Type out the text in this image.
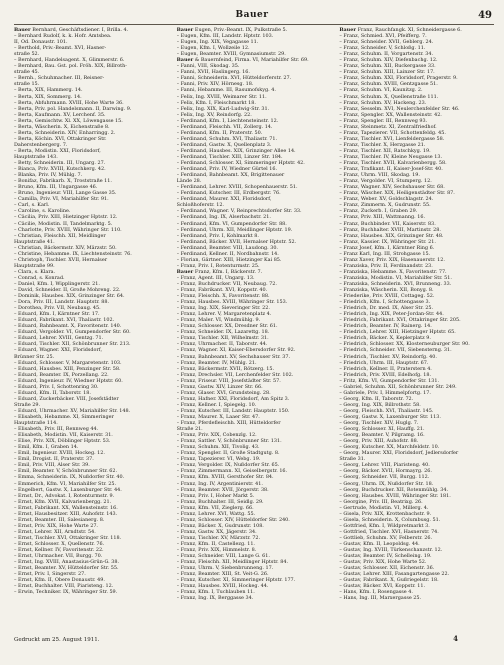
Bauer	49
Bauer Bernhard, Geschäftsdiener. I, Brilla. 4.
– Bernhard Rudolf, k. k. Hofr. Amtsbea.
II, Od. Donaustr. 101.
– Berthold, Priv.-Beamt. XVI, Hasner-
straße 52.
– Bernhard, Handelsagent. X, Glimmerstr. 6.
– Bernhard, Bau. Gst. pol. Fröh. XIX, Billroth-
straße 45.
– Bernh., Schuhmacher. III, Reisner-
straße 15.
– Berta, XIX, Hammerg. 14.
– Berta, XIX, Sommerg. 14.
– Berta, Abfuhrmann. XVIII, Hohe Warte 36.
– Berta, Priv. pol. Handelsmann. II, Darwing. 9.
– Berta, Kaufmann. XV, Lerchenf. 35.
– Berta, Gemischtw. Xl. XX, Löwengasse 15.
– Berta, Wäscherin. X, Eichenstraße 8.
– Berta, Schneiderin. XIV, Enharringg. 2.
– Berta, Köchin. XVI, Ottakringer Str.
Daherstenbergerg. 7.
– Berta, Modistin. XXI, Floridsdorf,
Hauptstraße 143.
– Betty, Schneiderin. III, Ungarg. 27.
– Bianca, Priv. XVIII, Kutschkerg. 42.
– Blanka, Priv. IV, Mühlg. 7.
– Bonifaz, Fabrikarb. X, Troststraße 11.
– Bruno, Kfm. III, Ungargasse 46.
– Bruno, Ingenieur. VIII, Lange Gasse 35.
– Camilla, Priv. VI, Mariahilfer Str. 91.
– Carl, s. Karl.
– Caroline, s. Karoline.
– Cäcilia, Priv. XIII, Hietzinger Hptstr. 12.
– Cäcilie, Modistin. II, Tandelmarktg. 5.
– Charlotte, Priv. XVIII, Währinger Str. 110.
– Christian, Fleischh. XII, Meidlinger
Hauptstraße 41.
– Christian, Bäckermstr. XIV, Märzstr. 50.
– Christine, Hebamme. IX, Liechtensteinstr. 76.
– Christoph, Tischler. XVII, Hernalser
Hauptstraße 99.
– Clara, s. Klara.
– Conrad, s. Konrad.
– Daniel, Kfm. I, Wipplingerstr. 21.
– David, Schneider. II, Große Mohreng. 22.
– Dominik, Hausbes. XIX, Grinzinger Str. 64.
– Dora, Priv. III, Landstr. Hauptstr. 88.
– Dorothea, Priv. VII, Neubaug. 45.
– Eduard, Kfm. I, Kärntner Str. 17.
– Eduard, Fabrikant. XVI, Thaliastr. 102.
– Eduard, Bahnbeamt. X, Favoritenstr. 140.
– Eduard, Vergolder. VI, Gumpendorfer Str. 60.
– Eduard, Lehrer. XVIII, Gentzg. 71.
– Eduard, Tischler. XII, Schönbrunner Str. 213.
– Eduard, Wagner. XXI, Floridsdorf,
Brünner Str. 25.
– Eduard, Schlosser. V, Margaretenstr. 103.
– Eduard, Hausbes. XIII, Penzinger Str. 58.
– Eduard, Beamter. IX, Porzellang. 22.
– Eduard, Ingenieur. IV, Wiedner Hptstr. 60.
– Eduard, Priv. I, Schottenring 30.
– Eduard, Kfm. II, Taborstr. 18.
– Eduard, Zuckerbäcker. VIII, Josefstädter
Straße 29.
– Eduard, Uhrmacher. XV, Mariahilfer Str. 148.
– Elisabeth, Hebamme. XI, Simmeringer
Hauptstraße 114.
– Elisabeth, Priv. III, Rennweg 44.
– Elisabeth, Modistin. VII, Kaiserstr. 31.
– Elise, Priv. XIX, Döblinger Hptstr. 53.
– Emil, Kfm. I, Graben 14.
– Emil, Ingenieur. XVIII, Hockeg. 12.
– Emil, Drogist. II, Praterstr. 37.
– Emil, Priv. VIII, Alser Str. 39.
– Emil, Beamter. V, Schönbrunner Str. 62.
– Emma, Schneiderin. IX, Nußdorfer Str. 40.
– Emmerich, Kfm. VI, Mariahilfer Str. 25.
– Engelbert, Gastw. X, Laxenburger Str. 44.
– Ernst, Dr., Advokat. I, Rotenturmstr. 9.
– Ernst, Kfm. XVII, Kalvarienbergg. 21.
– Ernst, Fabrikant. XX, Wallensteinstr. 16.
– Ernst, Hausbesitzer. XIII, Auhofstr. 143.
– Ernst, Beamter. III, Salesianerg. 8.
– Ernst, Priv. XIX, Hohe Warte 27.
– Ernst, Lehrer. XII, Arndtstr. 54.
– Ernst, Tischler. XVI, Ottakringer Str. 118.
– Ernst, Schlosser. X, Quellenstr. 76.
– Ernst, Kellner. IV, Favoritenstr. 22.
– Ernst, Uhrmacher. VII, Burgg. 70.
– Ernst, Ing. XVIII, Anastasius-Grün-G. 38.
– Ernst, Beamter. XV, Hütteldorfer Str. 55.
– Ernst, Priv. I, Singerstr. 27.
– Ernst, Kfm. II, Obere Donaustr. 49.
– Ernst, Buchhalter. VIII, Piaristeng. 12.
– Erwin, Techniker. IX, Währinger Str. 59.
Bauer Eugen, Priv.-Beamt. IX, Pulkstraße 5.
– Eugen, Kfm. III, Landstr. Hptstr. 103.
– Eugen, Ing. XIX, Vegagasse 11.
– Eugen, Kfm. I, Wollzeile 12.
– Eugen, Beamter. XVIII, Gymnasiumstr. 29.
Bauer & Bauernfeind, Firma. VI, Mariahilfer Str. 69.
– Fanni, VIII, Skodag. 35.
– Fanni, XVII, Haslingerg. 16.
– Fanni, Schneiderin. XVI, Hütteldorferstr. 27.
– Fanni, Priv. XIV, Hörnesg. 18.
– Fanni, Hebamme. III, Rasumofskyg. 4.
– Felix, Ing. XVIII, Weimarer Str. 11.
– Felix, Kfm. I, Fleischmarkt 18.
– Felix, Ing. XIX, Karl-Ludwig-Str. 31.
– Felix, Ing. XV, Reindorfg. 22.
– Ferdinand, Kfm. I, Liechtensteinstr. 12.
– Ferdinand, Fleischh. VII, Zollerg. 14.
– Ferdinand, Kfm. II, Praterstr. 50.
– Ferdinand, Schuhm. XVI, Thaliastr. 71.
– Ferdinand, Gastw. X, Quellenplatz 3.
– Ferdinand, Hausbes. XIX, Grinzinger Allee 14.
– Ferdinand, Tischler. XIII, Linzer Str. 184.
– Ferdinand, Schlosser. XI, Simmeringer Hptstr. 42.
– Ferdinand, Priv. IV, Wiedner Gürtel 16.
– Ferdinand, Bahnbeamt. XX, Brigittenauer
Lände 28.
– Ferdinand, Lehrer. XVIII, Schopenhauerstr. 51.
– Ferdinand, Kutscher. III, Erdbergstr. 76.
– Ferdinand, Maurer. XXI, Floridsdorf,
Schloßhoferstr. 12.
– Ferdinand, Wagner. V, Reinprechtsdorfer Str. 33.
– Ferdinand, Ing. IX, Alserbachstr. 21.
– Ferdinand, Kfm. VI, Gumpendorfer Str. 88.
– Ferdinand, Uhrm. XII, Meidlinger Hptstr. 19.
– Ferdinand, Priv. I, Kohlmarkt 8.
– Ferdinand, Bäcker. XVII, Hernalser Hptstr. 52.
– Ferdinand, Beamter. VIII, Laudong. 30.
– Ferdinand, Kellner. II, Nordbahnstr. 14.
– Florian, Gärtner. XIII, Hietzinger Kai 85.
– Franz, Priv. I, Rotenturmstr. 25.
Bauer Franz, Kfm. I, Bäckerstr. 7.
– Franz, Agent. III, Ungarg. 13.
– Franz, Buchdrucker. VII, Neubaug. 72.
– Franz, Fabrikant. XVI, Koppstr. 40.
– Franz, Fleischh. X, Favoritenstr. 88.
– Franz, Hausbes. XVIII, Währinger Str. 153.
– Franz, Ing. XIX, Sieveringer Str. 22.
– Franz, Lehrer. V, Margaretenplatz 4.
– Franz, Maler. VI, Windmühlg. 9.
– Franz, Schlosser. XX, Dresdner Str. 61.
– Franz, Schneider. IX, Lazarettg. 18.
– Franz, Tischler. XII, Wilhelmstr. 31.
– Franz, Uhrmacher. II, Taborstr. 44.
– Franz, Wagner. XI, Kaiser-Ebersdorfer Str. 92.
– Franz, Bahnbeamt. XV, Sechshauser Str. 37.
– Franz, Beamter. IV, Mühlg. 21.
– Franz, Bäckermstr. XVII, Rötzerg. 15.
– Franz, Drechsler. VII, Lerchenfelder Str. 102.
– Franz, Friseur. VIII, Josefstädter Str. 57.
– Franz, Gastw. XIV, Linzer Str. 66.
– Franz, Glaser. XVI, Grundsteing. 28.
– Franz, Hafner. XXI, Floridsdorf, Am Spitz 3.
– Franz, Kellner. I, Spiegelg. 10.
– Franz, Kutscher. III, Landstr. Hauptstr. 150.
– Franz, Maurer. X, Laaer Str. 47.
– Franz, Pferdefleischh. XIII, Hütteldorfer
Straße 21.
– Franz, Priv. XIX, Cobenzlg. 12.
– Franz, Sattler. V, Schönbrunner Str. 131.
– Franz, Schuhm. XII, Tivolig. 43.
– Franz, Spengler. II, Große Stadtgutg. 8.
– Franz, Tapezierer. VI, Webg. 19.
– Franz, Vergolder. IX, Nußdorfer Str. 65.
– Franz, Zimmermann. XI, Geiselbergstr. 16.
– Franz, Kfm. XVIII, Gersthofer Str. 84.
– Franz, Ing. IV, Argentinierstr. 41.
– Franz, Beamter. XVII, Jörgerstr. 38.
– Franz, Priv. I, Hoher Markt 5.
– Franz, Buchhalter. III, Seidlg. 29.
– Franz, Kfm. VII, Zieglerg. 66.
– Franz, Lehrer. XVI, Wattg. 55.
– Franz, Schlosser. XIV, Hütteldorfer Str. 240.
– Franz, Bäcker. X, Gudrunstr. 108.
– Franz, Gastw. XX, Jägerstr. 34.
– Franz, Tischler. XV, Märzstr. 72.
– Franz, Kfm. II, Castellezg. 11.
– Franz, Priv. XIX, Himmelstr. 8.
– Franz, Schneider. VIII, Lange G. 61.
– Franz, Fleischh. XII, Meidlinger Hptstr. 84.
– Franz, Uhrm. V, Siebenbrunneng. 17.
– Franz, Beamter. XIII, St. Veit-G. 26.
– Franz, Kutscher. XI, Simmeringer Hptstr. 177.
– Franz, Hausbes. XVIII, Hockeg. 44.
– Franz, Kfm. I, Tuchlauben 11.
– Franz, Ing. IX, Berggasse 34.
Bauer Franz, Rauchfangk. XI, Schneidergasse 6.
– Franz, Schmied. XVI, Pfeifferg. 7.
– Franz, Schneider. XVII, Geblerg. 24.
– Franz, Schneider. V, Schloßg. 11.
– Franz, Schuhm. II, Vorgartenstr. 34.
– Franz, Schuhm. XIV, Diefenbachg. 12.
– Franz, Schuhm. XII, Ruckergasse 33.
– Franz, Schuhm. XIII, Lainzer Str. 17.
– Franz, Schuhm. XXI, Floridsdorf, Pragerstr. 9.
– Franz, Schuhm. XVIII, Gentzgasse 51.
– Franz, Schuhm. VI, Kaunitzg. 2.
– Franz, Schuhm. X, Quellenstraße 111.
– Franz, Schuhm. XV, Hackeng. 23.
– Franz, Sesselm. XVI, Neulerchenfelder Str. 46.
– Franz, Spengler. XX, Wallensteinstr. 42.
– Franz, Spengler. III, Rennweg 93.
– Franz, Steinmetz. XI, Zentralfriedhof.
– Franz, Tapezierer. VII, Schottenfeldg. 45.
– Franz, Tischler. XVI, Lienfeldergasse 58.
– Franz, Tischler. X, Herzgasse 21.
– Franz, Tischler. XII, Ratschkyg. 19.
– Franz, Tischler. IV, Kleine Neugasse 13.
– Franz, Tischler. XVII, Kalvarienbergg. 58.
– Franz, Trafikant. II, Kaiser-Josef-Str. 40.
– Franz, Uhrm. VIII, Skodag. 19.
– Franz, Vergolder. VI, Stumperg. 12.
– Franz, Wagner. XIV, Sechshauser Str. 68.
– Franz, Wäscher. XIX, Heiligenstädter Str. 87.
– Franz, Weber. XV, Goldschlagstr. 24.
– Franz, Zimmerm. X, Gudrunstr. 55.
– Franz, Zuckerb. I, Graben 29.
– Franz, Priv. XIII, Wattmanng. 16.
– Franz, Buchbinder. VII, Kaiserstr. 83.
– Franz, Buchhalter. XVIII, Martinstr. 28.
– Franz, Hausbes. XIX, Grinzinger Str. 48.
– Franz, Kassier. IX, Währinger Str. 21.
– Franz Josef, Kfm. I, Kärntner Ring 6.
– Franz Karl, Ing. III, Strohgasse 15.
– Franz Xaver, Priv. XIX, Hasenauerstr. 12.
– Franziska, Priv. II, Ferdinandstr. 23.
– Franziska, Hebamme. X, Favoritenstr. 77.
– Franziska, Modistin. VI, Mariahilfer Str. 51.
– Franziska, Schneiderin. XVI, Brunneng. 33.
– Franziska, Wäscherin. XII, Bonyg. 8.
– Friederike, Priv. XVIII, Cottageg. 52.
– Friedrich, Kfm. I, Schottengasse 3.
– Friedrich, Dr. med. IX, Alser Str. 25.
– Friedrich, Ing. XIX, Peter-Jordan-Str. 44.
– Friedrich, Fabrikant. XVI, Ottakringer Str. 205.
– Friedrich, Beamter. IV, Rainerg. 14.
– Friedrich, Lehrer. XIII, Hietzinger Hptstr. 65.
– Friedrich, Bäcker. X, Keplerplatz 9.
– Friedrich, Schlosser. XX, Klosterneuburger Str. 90.
– Friedrich, Schneider. VII, Siebensterng. 31.
– Friedrich, Tischler. XV, Reindorfg. 40.
– Friedrich, Uhrm. III, Hauptstr. 67.
– Friedrich, Kellner. II, Praterstern 4.
– Friedrich, Priv. XVIII, Edelhofg. 18.
– Fritz, Kfm. VI, Gumpendorfer Str. 131.
– Gabriel, Schuhm. XII, Schönbrunner Str. 249.
– Gabriele, Priv. I, Himmelpfortg. 17.
– Georg, Kfm. II, Taborstr. 72.
– Georg, Ing. XIX, Billrothstr. 58.
– Georg, Fleischh. XVI, Thaliastr. 145.
– Georg, Gastw. X, Laxenburger Str. 113.
– Georg, Tischler. XIV, Huglg. 7.
– Georg, Schlosser. XI, Hauffg. 21.
– Georg, Beamter. V, Pilgramg. 16.
– Georg, Priv. XIII, Auhofstr. 88.
– Georg, Kutscher. XX, Marchfeldstr. 10.
– Georg, Maurer. XXI, Floridsdorf, Jedlersdorfer
Straße 31.
– Georg, Lehrer. VIII, Piaristeng. 40.
– Georg, Bäcker. XVII, Hormayrg. 26.
– Georg, Schneider. VII, Burgg. 112.
– Georg, Uhrm. IX, Nußdorfer Str. 18.
– Georg, Buchdrucker. XII, Rotenmühlg. 34.
– Georg, Hausbes. XVIII, Währinger Str. 181.
– Georgine, Priv. III, Beatrixg. 26.
– Gertrude, Modistin. VI, Millerg. 4.
– Gisela, Priv. XIX, Krottenbachstr. 9.
– Gisela, Schneiderin. X, Columbusg. 51.
– Gottfried, Kfm. I, Wildpretmarkt 3.
– Gottfried, Tischler. XVI, Hasnerstr. 74.
– Gottlieb, Schuhm. XV, Felberstr. 26.
– Gustav, Kfm. II, Leopoldsg. 44.
– Gustav, Ing. XVIII, Türkenschanzstr. 12.
– Gustav, Beamter. IV, Schelleing. 19.
– Gustav, Priv. XIX, Hohe Warte 52.
– Gustav, Schlosser. XII, Eichenstr. 36.
– Gustav, Lehrer. XIII, Fasangartengasse 22.
– Gustav, Fabrikant. X, Gußriegelstr. 18.
– Gustav, Bäcker. XVI, Koppstr. 11.
– Hans, Kfm. I, Rosengasse 4.
– Hans, Ing. III, Marxergasse 25.
Gedruckt am 25. August 1911.	4
